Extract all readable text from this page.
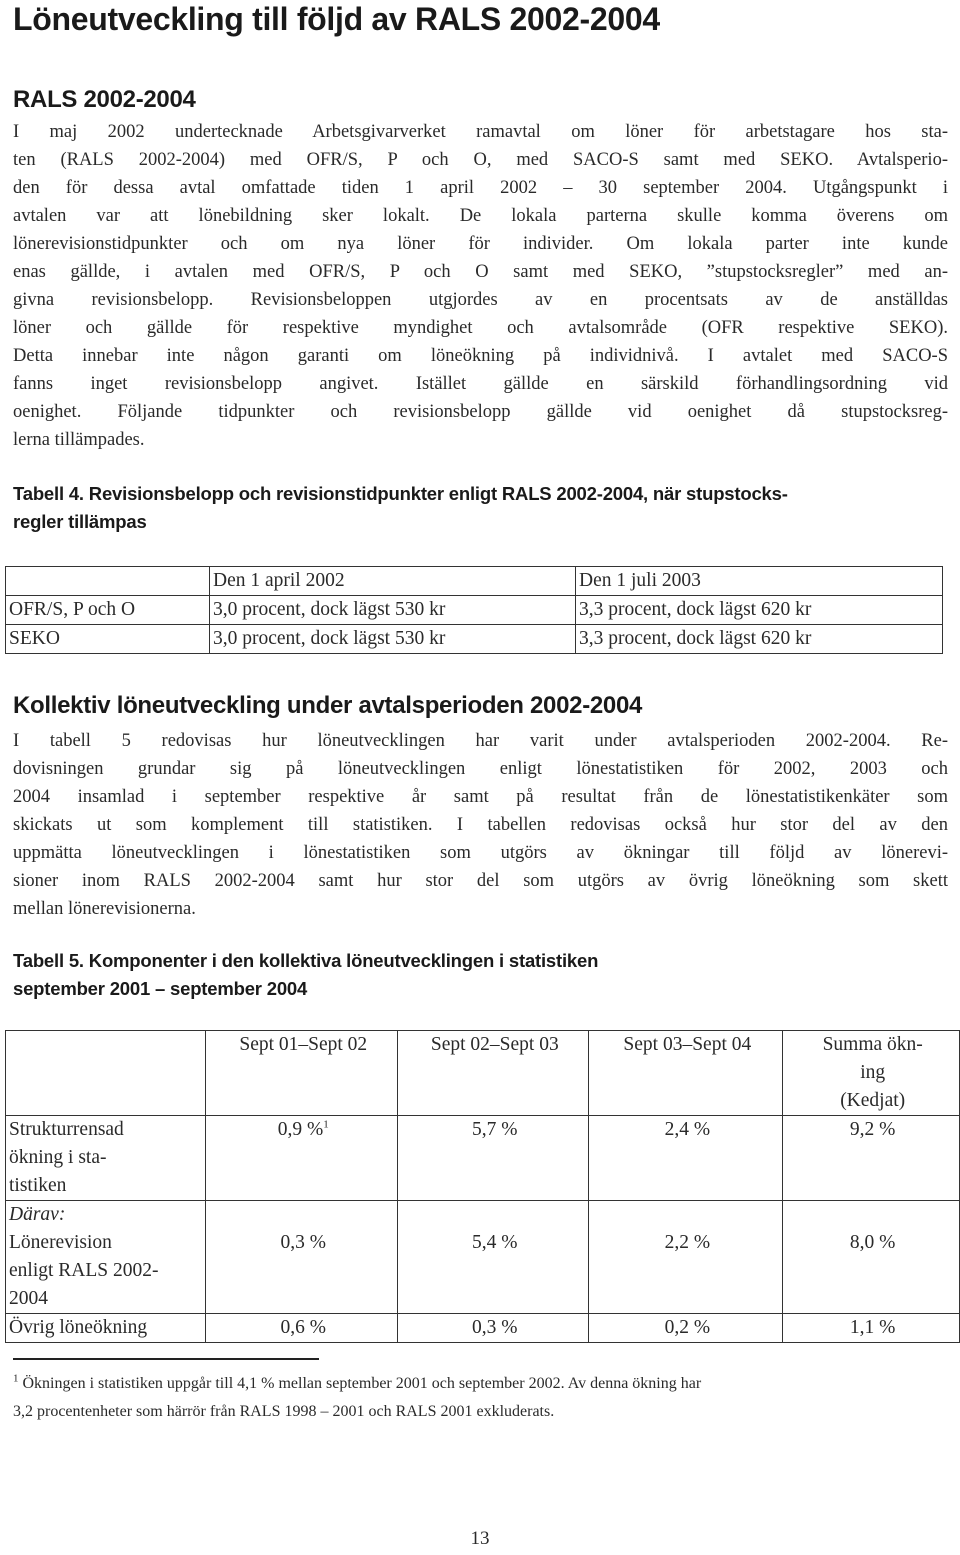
Löneutveckling till följd av RALS 2002-2004
RALS 2002-2004
I maj 2002 undertecknade Arbetsgivarverket ramavtal om löner för arbetstagare hos sta-
ten (RALS 2002-2004) med OFR/S, P och O, med SACO-S samt med SEKO. Avtalsperio-
den för dessa avtal omfattade tiden 1 april 2002 – 30 september 2004. Utgångspunkt i
avtalen var att lönebildning sker lokalt. De lokala parterna skulle komma överens om
lönerevisionstidpunkter och om nya löner för individer. Om lokala parter inte kunde
enas gällde, i avtalen med OFR/S, P och O samt med SEKO, ”stupstocksregler” med an-
givna revisionsbelopp. Revisionsbeloppen utgjordes av en procentsats av de anställdas
löner och gällde för respektive myndighet och avtalsområde (OFR respektive SEKO).
Detta innebar inte någon garanti om löneökning på individnivå. I avtalet med SACO-S
fanns inget revisionsbelopp angivet. Istället gällde en särskild förhandlingsordning vid
oenighet. Följande tidpunkter och revisionsbelopp gällde vid oenighet då stupstocksreg-
lerna tillämpades.
Tabell 4. Revisionsbelopp och revisionstidpunkter enligt RALS 2002-2004, när stupstocks-
regler tillämpas
	Den 1 april 2002	Den 1 juli 2003
OFR/S, P och O	3,0 procent, dock lägst 530 kr	3,3 procent, dock lägst 620 kr
SEKO	3,0 procent, dock lägst 530 kr	3,3 procent, dock lägst 620 kr
Kollektiv löneutveckling under avtalsperioden 2002-2004
I tabell 5 redovisas hur löneutvecklingen har varit under avtalsperioden 2002-2004. Re-
dovisningen grundar sig på löneutvecklingen enligt lönestatistiken för 2002, 2003 och
2004 insamlad i september respektive år samt på resultat från de lönestatistikenkäter som
skickats ut som komplement till statistiken. I tabellen redovisas också hur stor del av den
uppmätta löneutvecklingen i lönestatistiken som utgörs av ökningar till följd av lönerevi-
sioner inom RALS 2002-2004 samt hur stor del som utgörs av övrig löneökning som skett
mellan lönerevisionerna.
Tabell 5. Komponenter i den kollektiva löneutvecklingen i statistiken
september 2001 – september 2004
	Sept 01–Sept 02	Sept 02–Sept 03	Sept 03–Sept 04	Summa ökn-
ing
(Kedjat)

Strukturrensad
ökning i sta-
tistiken	0,9 %$^1$	5,7 %	2,4 %	9,2 %

Därav:
Lönerevision
enligt RALS 2002-
2004	0,3 %	5,4 %	2,2 %	8,0 %
Övrig löneökning	0,6 %	0,3 %	0,2 %	1,1 %
$^1$ Ökningen i statistiken uppgår till 4,1 % mellan september 2001 och september 2002. Av denna ökning har
3,2 procentenheter som härrör från RALS 1998 – 2001 och RALS 2001 exkluderats.
13
